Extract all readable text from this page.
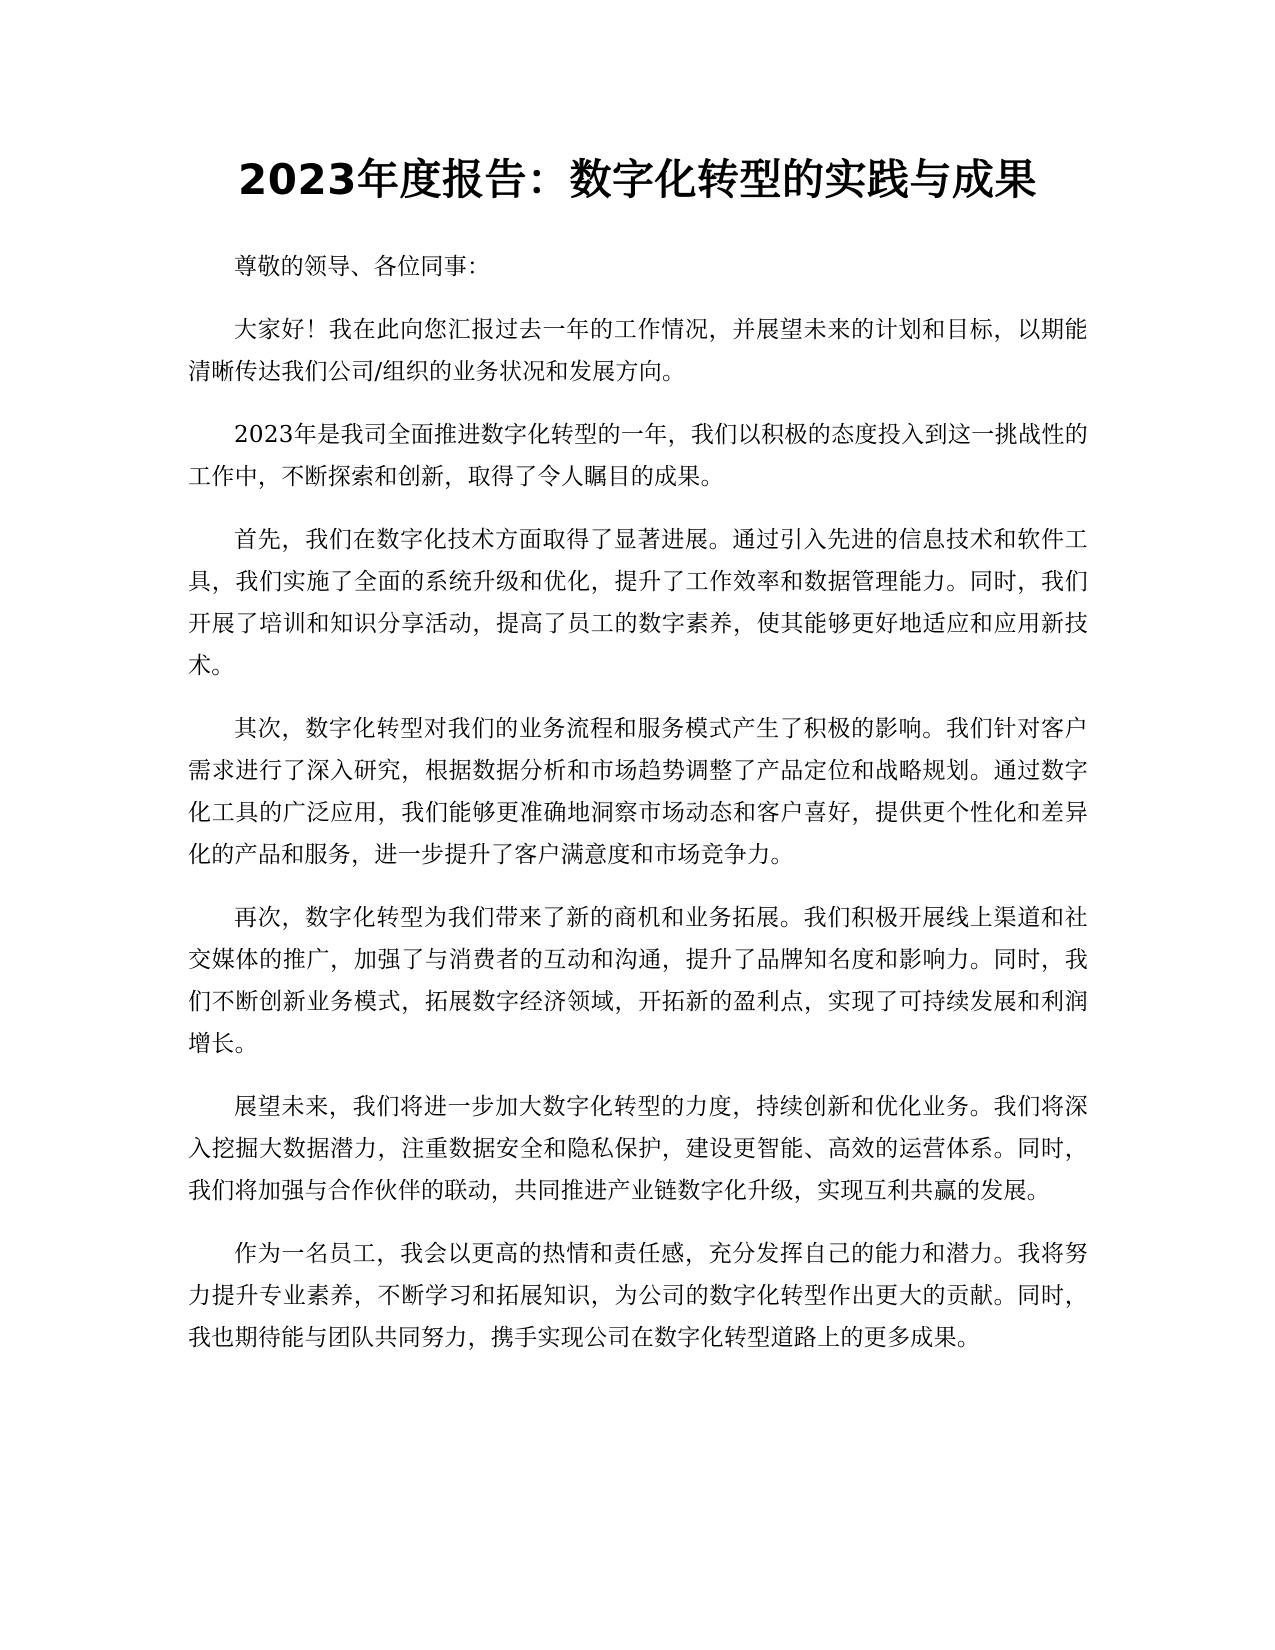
2023年度报告：数字化转型的实践与成果

尊敬的领导、各位同事：

大家好！我在此向您汇报过去一年的工作情况，并展望未来的计划和目标，以期能清晰传达我们公司/组织的业务状况和发展方向。

2023年是我司全面推进数字化转型的一年，我们以积极的态度投入到这一挑战性的工作中，不断探索和创新，取得了令人瞩目的成果。

首先，我们在数字化技术方面取得了显著进展。通过引入先进的信息技术和软件工具，我们实施了全面的系统升级和优化，提升了工作效率和数据管理能力。同时，我们开展了培训和知识分享活动，提高了员工的数字素养，使其能够更好地适应和应用新技术。

其次，数字化转型对我们的业务流程和服务模式产生了积极的影响。我们针对客户需求进行了深入研究，根据数据分析和市场趋势调整了产品定位和战略规划。通过数字化工具的广泛应用，我们能够更准确地洞察市场动态和客户喜好，提供更个性化和差异化的产品和服务，进一步提升了客户满意度和市场竞争力。

再次，数字化转型为我们带来了新的商机和业务拓展。我们积极开展线上渠道和社交媒体的推广，加强了与消费者的互动和沟通，提升了品牌知名度和影响力。同时，我们不断创新业务模式，拓展数字经济领域，开拓新的盈利点，实现了可持续发展和利润增长。

展望未来，我们将进一步加大数字化转型的力度，持续创新和优化业务。我们将深入挖掘大数据潜力，注重数据安全和隐私保护，建设更智能、高效的运营体系。同时，我们将加强与合作伙伴的联动，共同推进产业链数字化升级，实现互利共赢的发展。

作为一名员工，我会以更高的热情和责任感，充分发挥自己的能力和潜力。我将努力提升专业素养，不断学习和拓展知识，为公司的数字化转型作出更大的贡献。同时，我也期待能与团队共同努力，携手实现公司在数字化转型道路上的更多成果。
